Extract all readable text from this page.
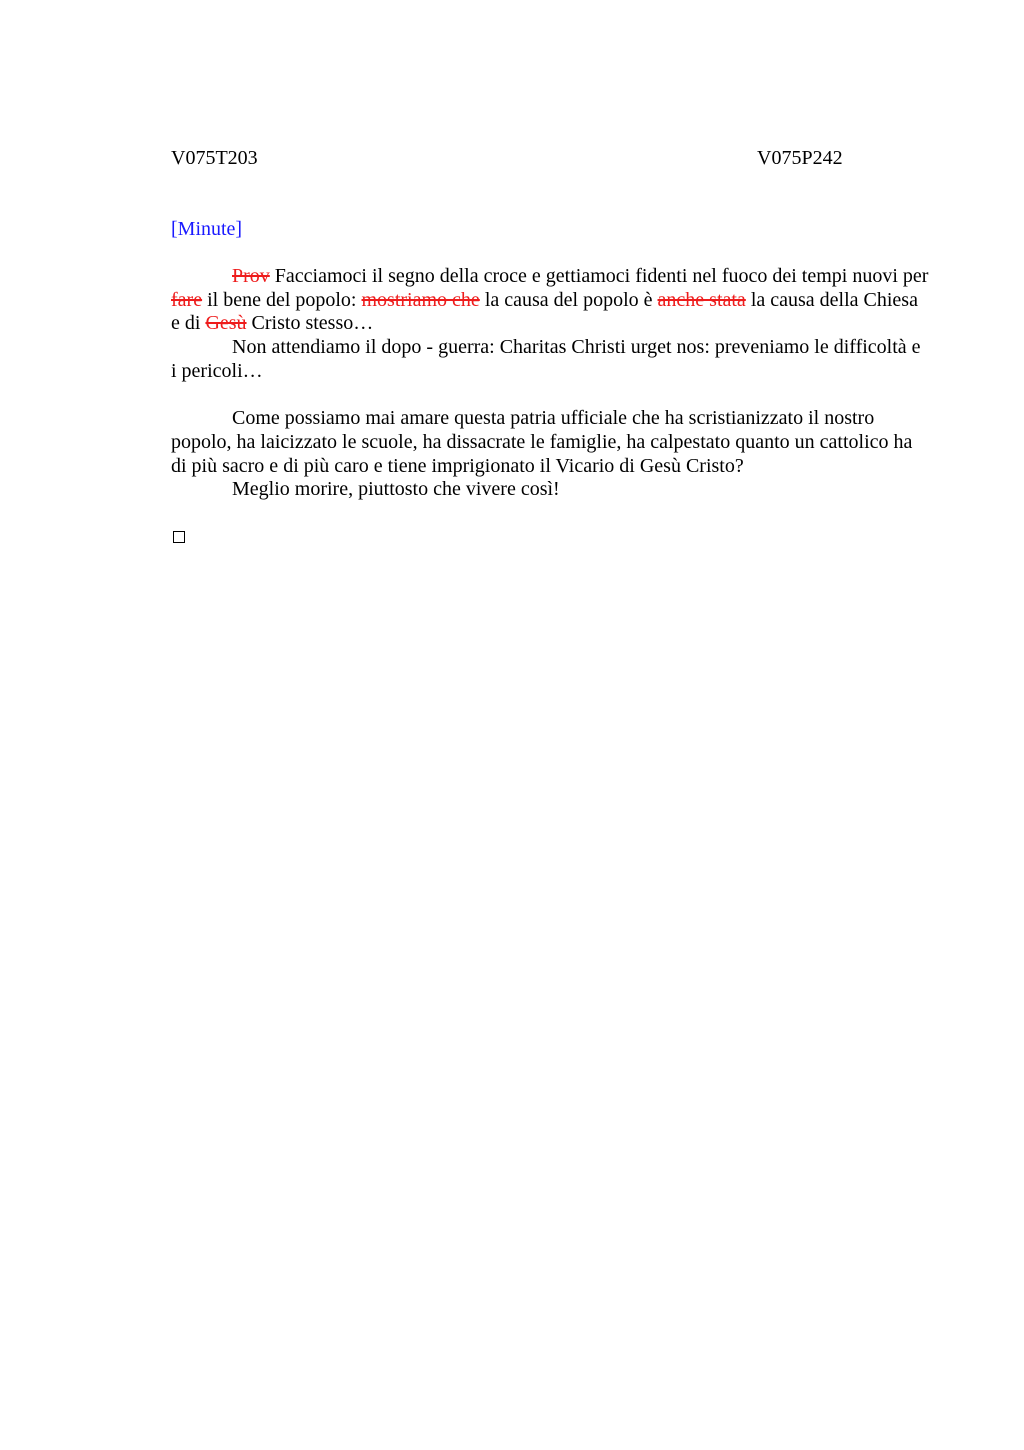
V075T203	V075P242
[Minute]

Prov Facciamoci il segno della croce e gettiamoci fidenti nel fuoco dei tempi nuovi per fare il bene del popolo: mostriamo che la causa del popolo è anche stata la causa della Chiesa e di Gesù Cristo stesso…

Non attendiamo il dopo - guerra: Charitas Christi urget nos: preveniamo le difficoltà e i pericoli…

Come possiamo mai amare questa patria ufficiale che ha scristianizzato il nostro popolo, ha laicizzato le scuole, ha dissacrate le famiglie, ha calpestato quanto un cattolico ha di più sacro e di più caro e tiene imprigionato il Vicario di Gesù Cristo?

Meglio morire, piuttosto che vivere così!
